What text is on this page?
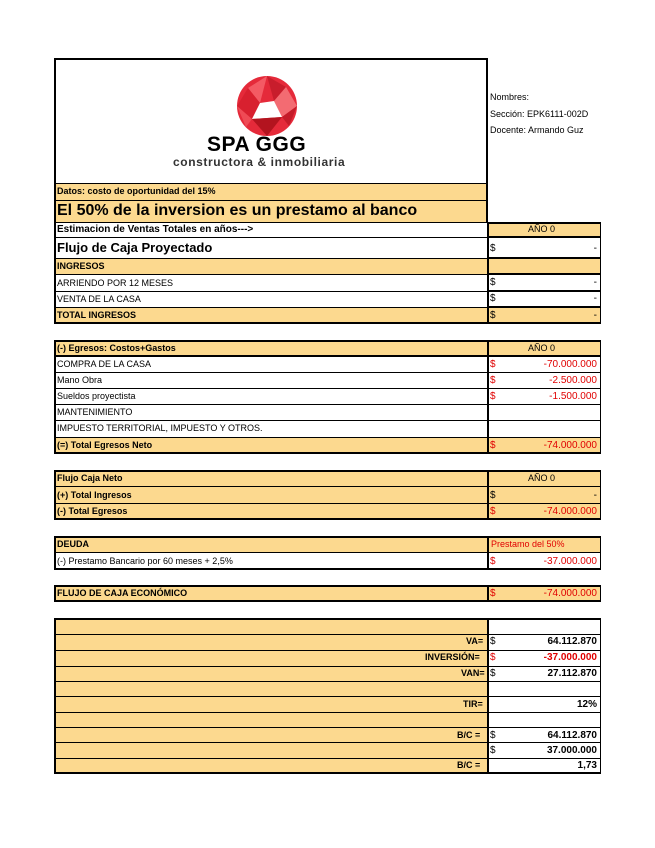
SPA GGG
constructora & inmobiliaria
Nombres:
Sección: EPK6111-002D
Docente: Armando Guz
Datos: costo de oportunidad del 15%
El 50% de la inversion es un prestamo al banco
Estimacion de Ventas Totales en años--->	AÑO 0
Flujo de Caja Proyectado	$	-
INGRESOS
ARRIENDO POR 12 MESES	$	-
VENTA DE LA CASA	$	-
TOTAL INGRESOS	$	-
(-) Egresos: Costos+Gastos	AÑO 0
COMPRA DE LA CASA	$	-70.000.000
Mano Obra	$	-2.500.000
Sueldos proyectista	$	-1.500.000
MANTENIMIENTO
IMPUESTO TERRITORIAL, IMPUESTO Y OTROS.
(=) Total Egresos Neto	$	-74.000.000
Flujo Caja Neto	AÑO 0
(+) Total Ingresos	$	-
(-) Total Egresos	$	-74.000.000
DEUDA	Prestamo del 50%
(-) Prestamo Bancario por 60 meses + 2,5%	$	-37.000.000
FLUJO DE CAJA ECONÓMICO	$	-74.000.000
VA= $	64.112.870
INVERSIÓN= $	-37.000.000
VAN= $	27.112.870
TIR=	12%
B/C = $	64.112.870
$	37.000.000
B/C =	1,73
